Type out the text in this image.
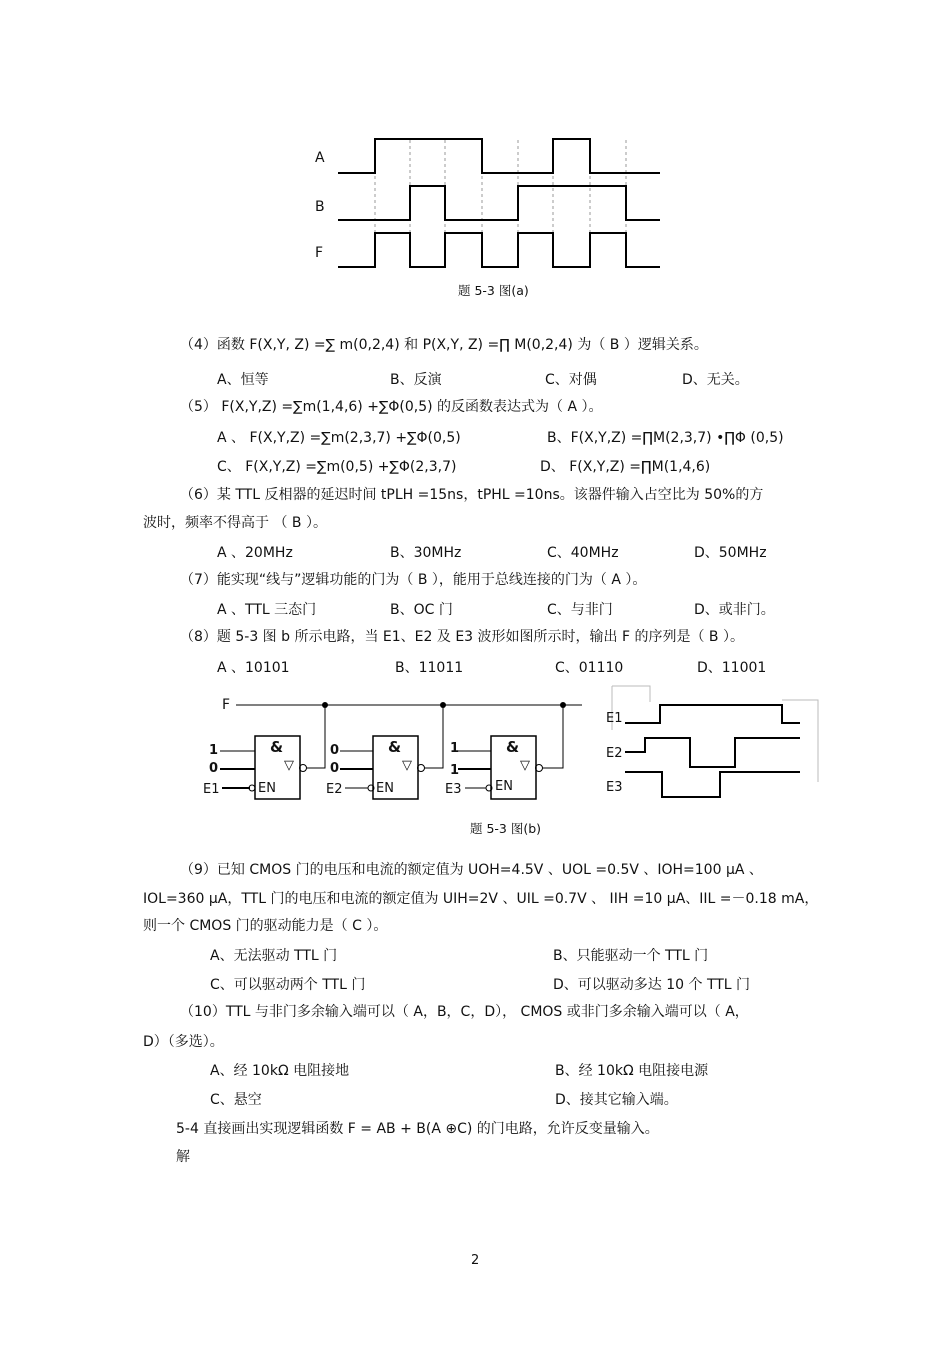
A
B
F
题 5-3 图(a)
（4）函数 F(X,Y, Z) =∑ m(0,2,4) 和 P(X,Y, Z) =∏ M(0,2,4) 为（ B ）逻辑关系。
A、恒等	B、反演	C、对偶	D、无关。
（5） F(X,Y,Z) =∑m(1,4,6) +∑Φ(0,5) 的反函数表达式为（ A ）。
A 、 F(X,Y,Z) =∑m(2,3,7) +∑Φ(0,5)	B、F(X,Y,Z) =∏M(2,3,7) •∏Φ (0,5)
C、 F(X,Y,Z) =∑m(0,5) +∑Φ(2,3,7)	D、 F(X,Y,Z) =∏M(1,4,6)
（6）某 TTL 反相器的延迟时间 tPLH =15ns，tPHL =10ns。该器件输入占空比为 50%的方
波时，频率不得高于 （ B ）。
A 、20MHz	B、30MHz	C、40MHz	D、50MHz
（7）能实现“线与”逻辑功能的门为（ B ），能用于总线连接的门为（ A ）。
A 、TTL 三态门	B、OC 门	C、与非门	D、或非门。
（8）题 5-3 图 b 所示电路，当 E1、E2 及 E3 波形如图所示时，输出 F 的序列是（ B ）。
A 、10101	B、11011	C、01110	D、11001
F
&	&	&
▽	▽	▽
EN	EN	EN
1
0
0
0
1
1
E1	E2	E3
E1
E2
E3
题 5-3 图(b)
（9）已知 CMOS 门的电压和电流的额定值为 UOH=4.5V 、UOL =0.5V 、IOH=100 μA 、
IOL=360 μA，TTL 门的电压和电流的额定值为 UIH=2V 、UIL =0.7V 、 IIH =10 μA、IIL =－0.18 mA，
则一个 CMOS 门的驱动能力是（ C ）。
A、无法驱动 TTL 门	B、只能驱动一个 TTL 门
C、可以驱动两个 TTL 门	D、可以驱动多达 10 个 TTL 门
（10）TTL 与非门多余输入端可以（ A，B，C，D）， CMOS 或非门多余输入端可以（ A，
D）（多选）。
A、经 10kΩ 电阻接地	B、经 10kΩ 电阻接电源
C、悬空	D、接其它输入端。
5-4 直接画出实现逻辑函数 F = AB + B(A ⊕C) 的门电路，允许反变量输入。
解
2
